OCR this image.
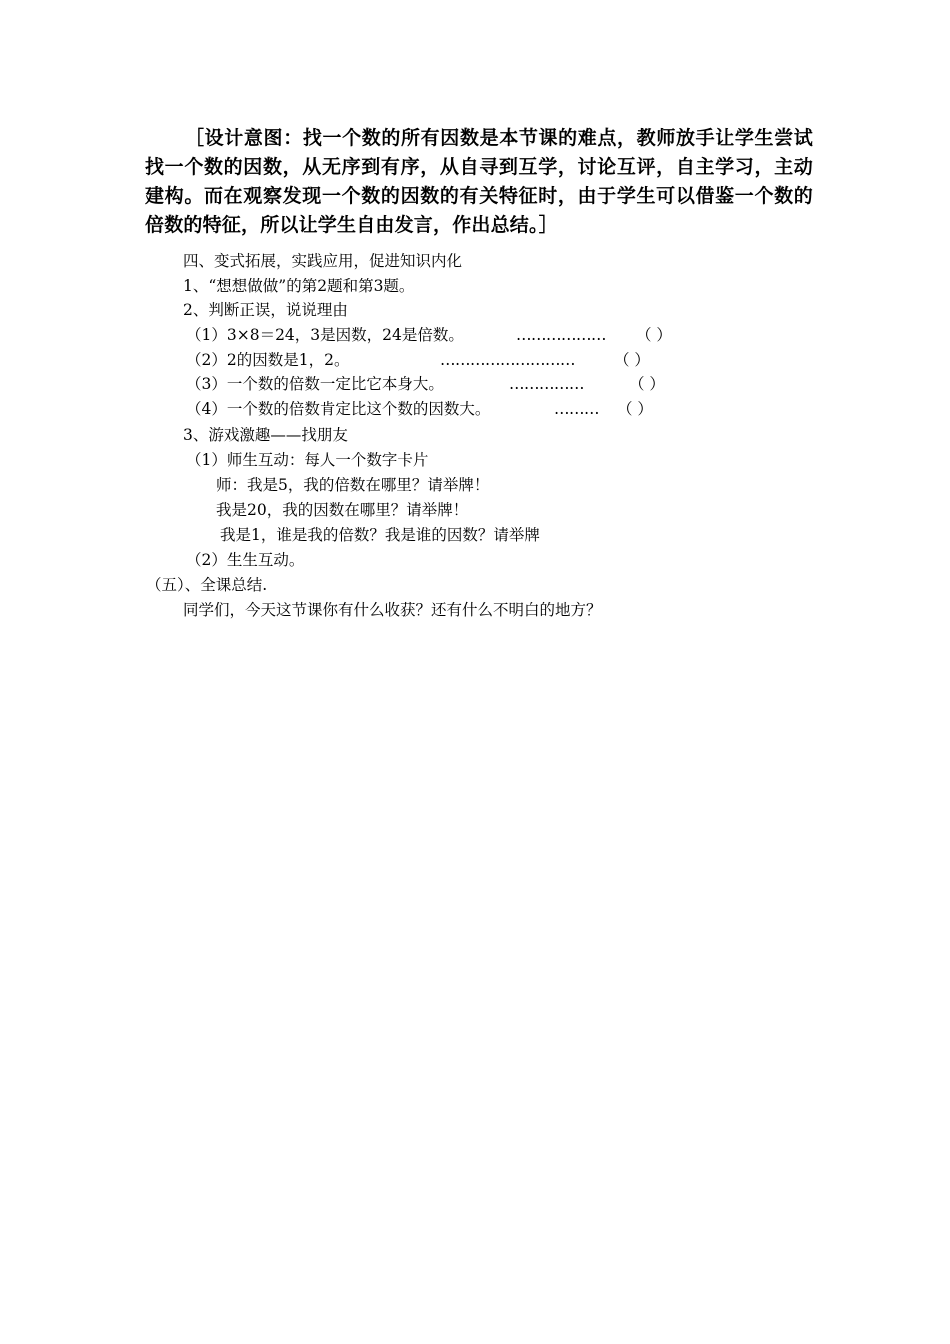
［设计意图：找一个数的所有因数是本节课的难点，教师放手让学生尝试找一个数的因数，从无序到有序，从自寻到互学，讨论互评，自主学习，主动建构。而在观察发现一个数的因数的有关特征时，由于学生可以借鉴一个数的倍数的特征，所以让学生自由发言，作出总结。］
四、变式拓展，实践应用，促进知识内化
1、“想想做做”的第2题和第3题。
2、判断正误，说说理由
（1）3×8＝24，3是因数，24是倍数。	……………… （ ）
（2）2的因数是1，2。	………………………	（ ）
（3）一个数的倍数一定比它本身大。	……………	（ ）
（4）一个数的倍数肯定比这个数的因数大。	……… （ ）
3、游戏激趣——找朋友
（1）师生互动：每人一个数字卡片
师：我是5，我的倍数在哪里？请举牌！
我是20，我的因数在哪里？请举牌！
我是1，谁是我的倍数？我是谁的因数？请举牌
（2）生生互动。
（五）、全课总结.
同学们，今天这节课你有什么收获？还有什么不明白的地方？
